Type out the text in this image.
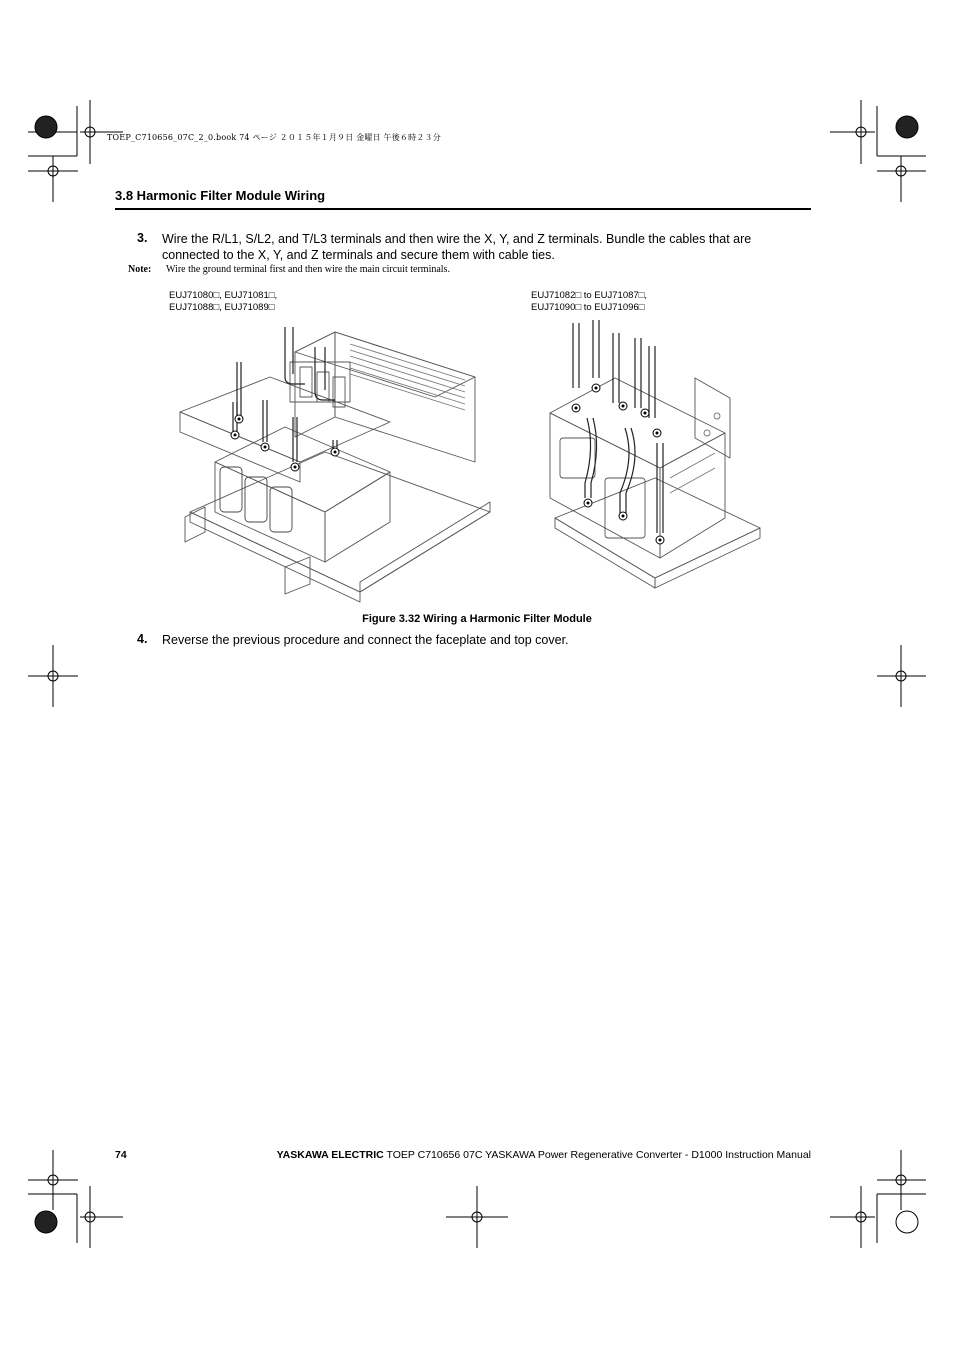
TOEP_C710656_07C_2_0.book 74 ページ ２０１５年１月９日 金曜日 午後６時２３分
3.8 Harmonic Filter Module Wiring
3. Wire the R/L1, S/L2, and T/L3 terminals and then wire the X, Y, and Z terminals. Bundle the cables that are connected to the X, Y, and Z terminals and secure them with cable ties.
Note: Wire the ground terminal first and then wire the main circuit terminals.
EUJ71080□, EUJ71081□,
EUJ71088□, EUJ71089□
EUJ71082□ to EUJ71087□,
EUJ71090□ to EUJ71096□
Figure 3.32 Wiring a Harmonic Filter Module
4. Reverse the previous procedure and connect the faceplate and top cover.
74	YASKAWA ELECTRIC TOEP C710656 07C YASKAWA Power Regenerative Converter - D1000 Instruction Manual
